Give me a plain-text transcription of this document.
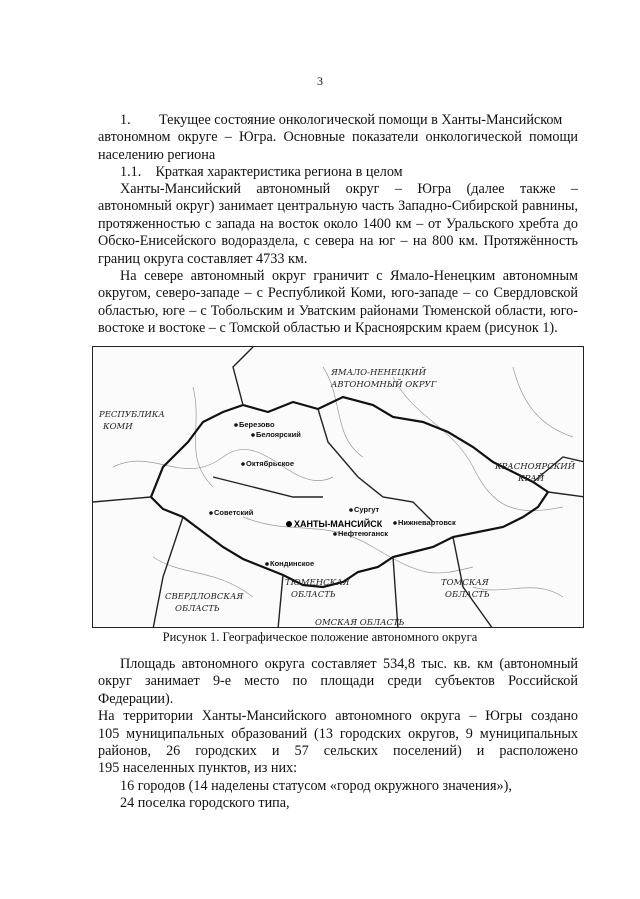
3
1.  Текущее состояние онкологической помощи в Ханты-Мансийском
автономном округе – Югра. Основные показатели онкологической помощи
населению региона
1.1. Краткая характеристика региона в целом
Ханты-Мансийский автономный округ – Югра (далее также –
автономный округ) занимает центральную часть Западно-Сибирской равнины,
протяженностью с запада на восток около 1400 км – от Уральского хребта до
Обско-Енисейского водораздела, с севера на юг – на 800 км. Протяжённость
границ округа составляет 4733 км.
На севере автономный округ граничит с Ямало-Ненецким автономным
округом, северо-западе – с Республикой Коми, юго-западе – со Свердловской
областью, юге – с Тобольским и Уватским районами Тюменской области, юго-
востоке и востоке – с Томской областью и Красноярским краем (рисунок 1).
ЯМАЛО-НЕНЕЦКИЙ
АВТОНОМНЫЙ ОКРУГ
РЕСПУБЛИКА
КОМИ
КРАСНОЯРСКИЙ
КРАЙ
СВЕРДЛОВСКАЯ
ОБЛАСТЬ
ТЮМЕНСКАЯ
ОБЛАСТЬ
ТОМСКАЯ
ОБЛАСТЬ
ОМСКАЯ ОБЛАСТЬ
Березово
Белоярский
Октябрьское
Советский
ХАНТЫ-МАНСИЙСК
Сургут
Нефтеюганск
Нижневартовск
Кондинское
Рисунок 1. Географическое положение автономного округа
Площадь автономного округа составляет 534,8 тыс. кв. км (автономный
округ занимает 9-е место по площади среди субъектов Российской Федерации).
На территории Ханты-Мансийского автономного округа – Югры создано
105 муниципальных образований (13 городских округов, 9 муниципальных
районов, 26 городских и 57 сельских поселений) и расположено
195 населенных пунктов, из них:
16 городов (14 наделены статусом «город окружного значения»),
24 поселка городского типа,
